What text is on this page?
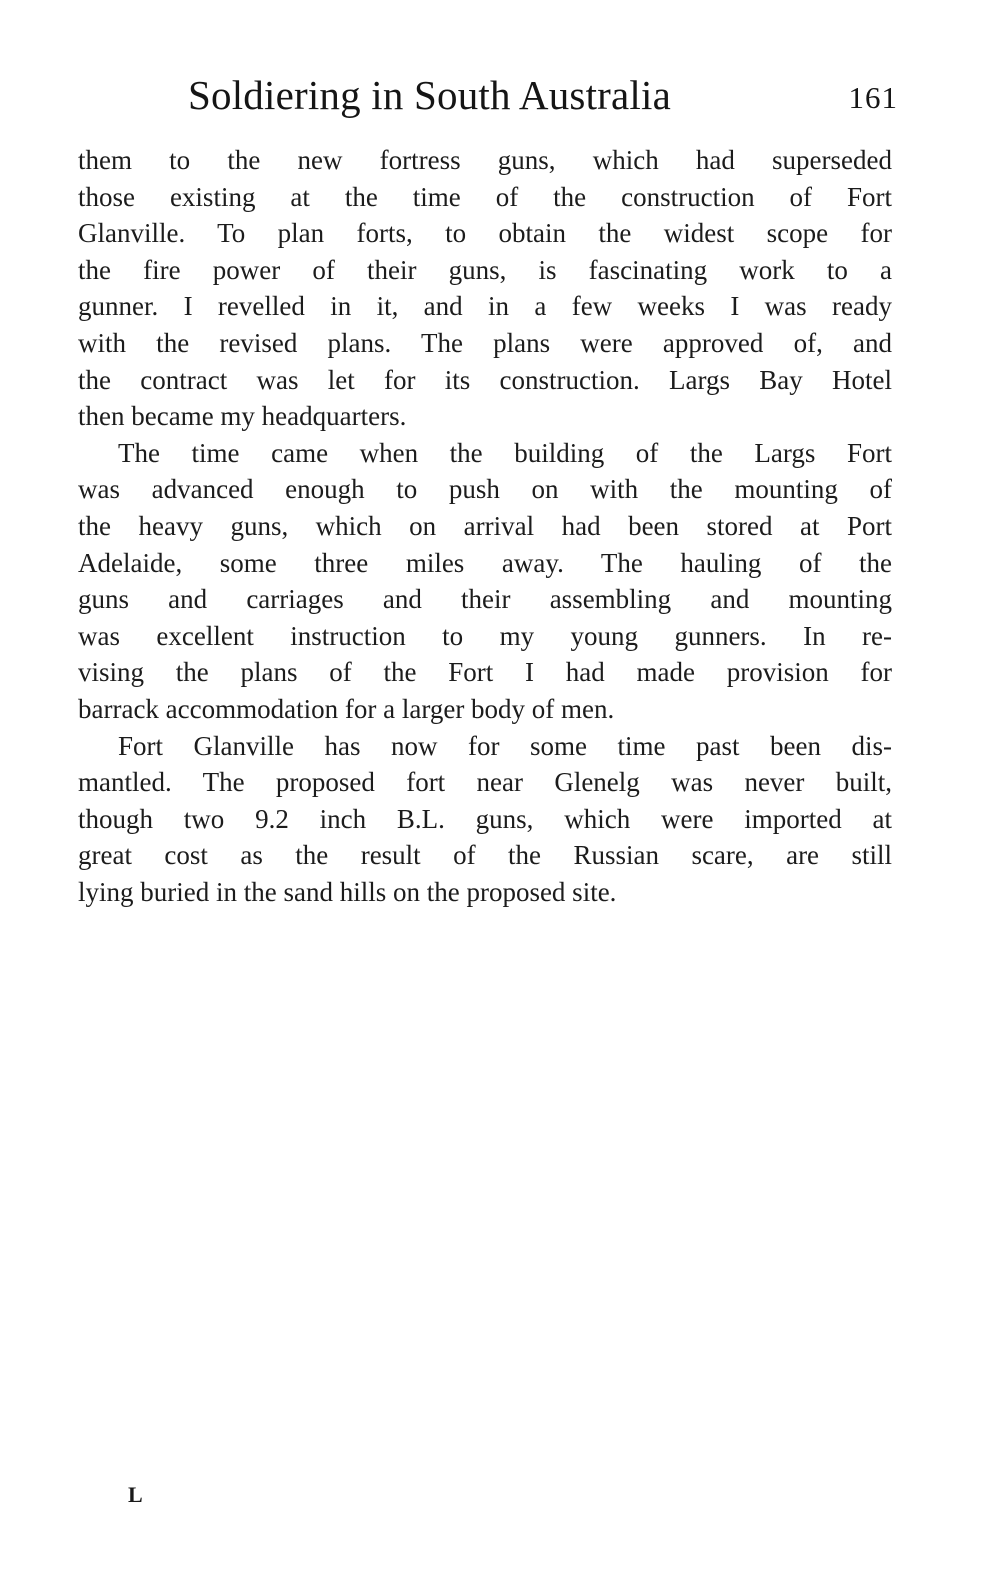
Soldiering in South Australia	161
them to the new fortress guns, which had superseded
those existing at the time of the construction of Fort
Glanville. To plan forts, to obtain the widest scope for
the fire power of their guns, is fascinating work to a
gunner. I revelled in it, and in a few weeks I was ready
with the revised plans. The plans were approved of, and
the contract was let for its construction. Largs Bay Hotel
then became my headquarters.
The time came when the building of the Largs Fort
was advanced enough to push on with the mounting of
the heavy guns, which on arrival had been stored at Port
Adelaide, some three miles away. The hauling of the
guns and carriages and their assembling and mounting
was excellent instruction to my young gunners. In re-
vising the plans of the Fort I had made provision for
barrack accommodation for a larger body of men.
Fort Glanville has now for some time past been dis-
mantled. The proposed fort near Glenelg was never built,
though two 9.2 inch B.L. guns, which were imported at
great cost as the result of the Russian scare, are still
lying buried in the sand hills on the proposed site.
L
